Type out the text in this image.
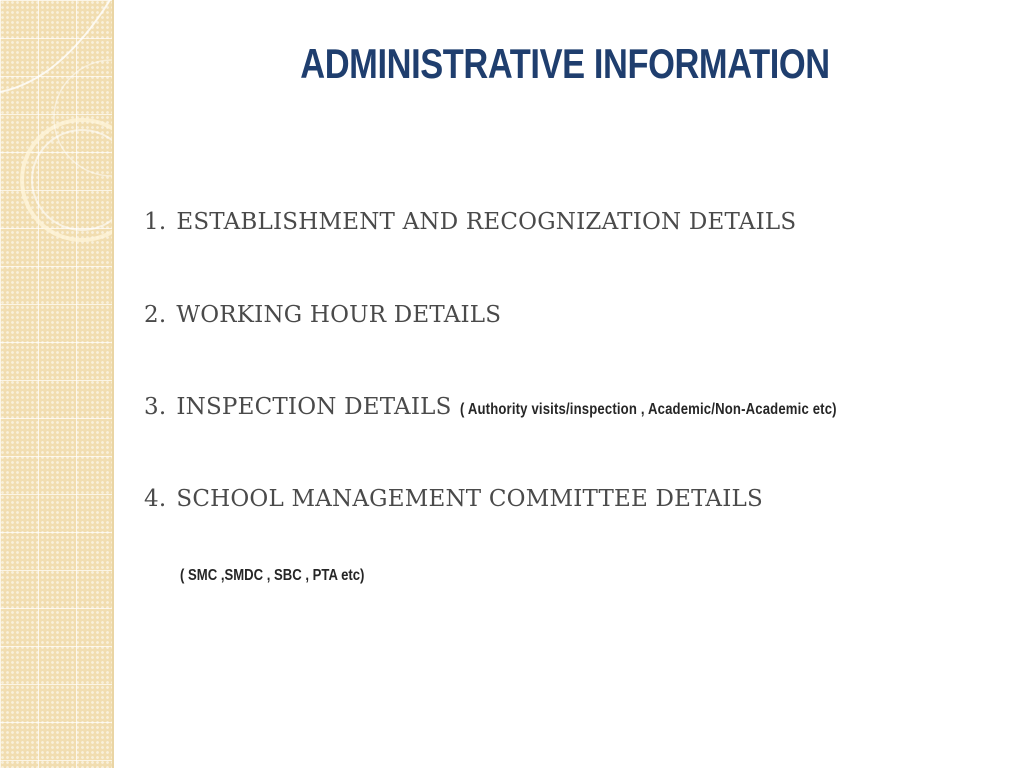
ADMINISTRATIVE INFORMATION
1. ESTABLISHMENT AND RECOGNIZATION DETAILS
2. WORKING HOUR DETAILS
3. INSPECTION DETAILS ( Authority visits/inspection , Academic/Non-Academic etc)
4. SCHOOL MANAGEMENT COMMITTEE DETAILS
( SMC ,SMDC , SBC , PTA etc)
